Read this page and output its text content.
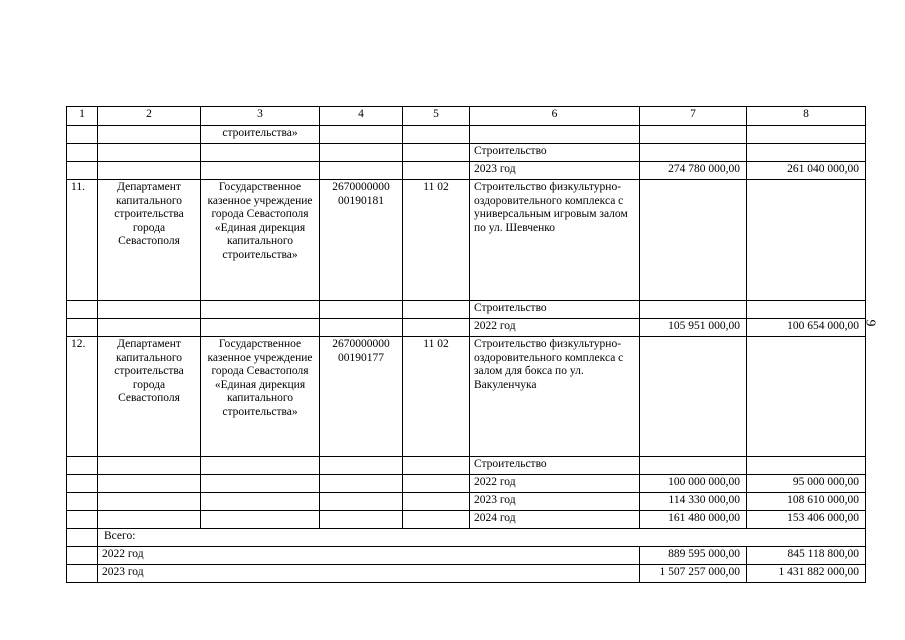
1	2	3	4	5	6	7	8
		строительства»					
					Строительство		
					2023 год	274 780 000,00	261 040 000,00
11.	Департамент капитального строительства города Севастополя	Государственное казенное учреждение города Севастополя «Единая дирекция капитального строительства»	2670000000 00190181	11 02	Строительство физкультурно-оздоровительного комплекса с универсальным игровым залом по ул. Шевченко		
					Строительство		
					2022 год	105 951 000,00	100 654 000,00
12.	Департамент капитального строительства города Севастополя	Государственное казенное учреждение города Севастополя «Единая дирекция капитального строительства»	2670000000 00190177	11 02	Строительство физкультурно-оздоровительного комплекса с залом для бокса по ул. Вакуленчука		
					Строительство		
					2022 год	100 000 000,00	95 000 000,00
					2023 год	114 330 000,00	108 610 000,00
					2024 год	161 480 000,00	153 406 000,00
	Всего:						
	2022 год					889 595 000,00	845 118 800,00
	2023 год					1 507 257 000,00	1 431 882 000,00
9
